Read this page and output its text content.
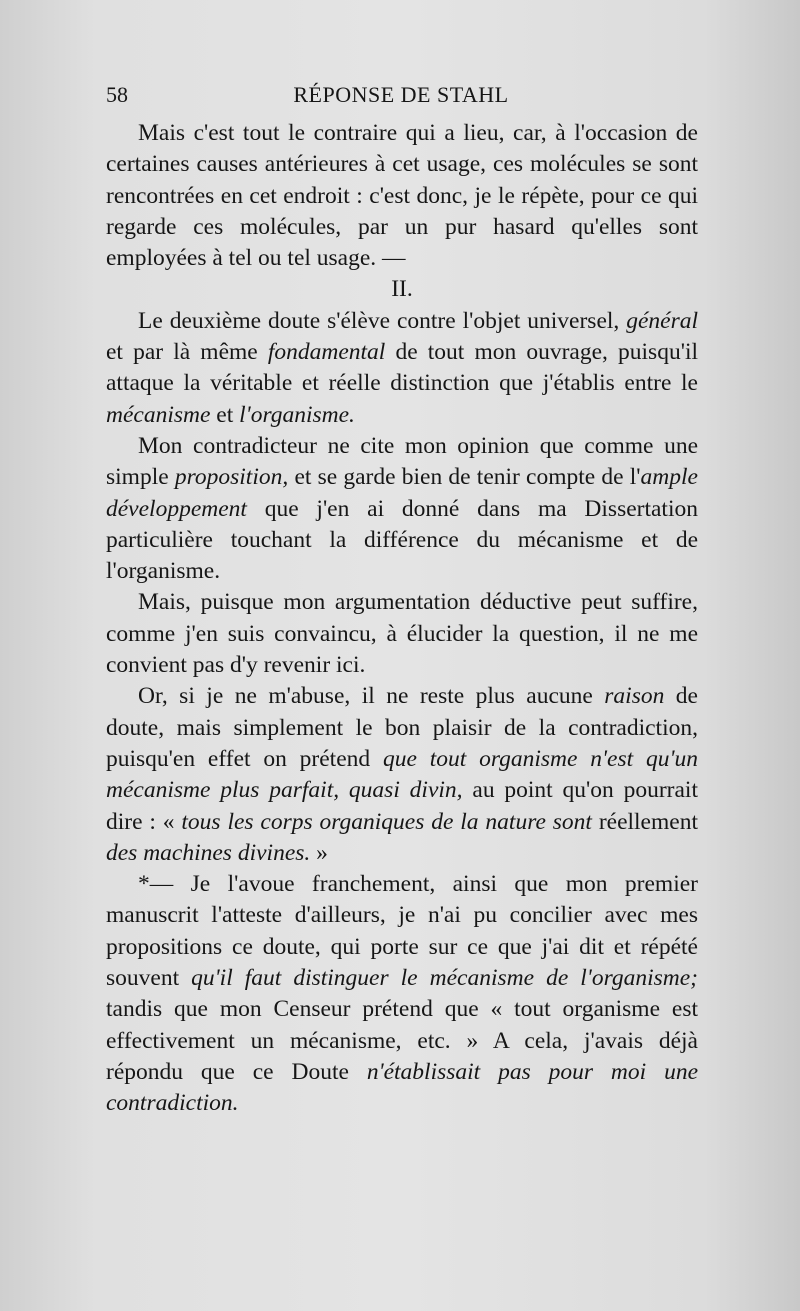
58	RÉPONSE DE STAHL

Mais c'est tout le contraire qui a lieu, car, à l'occasion de certaines causes antérieures à cet usage, ces molécules se sont rencontrées en cet endroit : c'est donc, je le répète, pour ce qui regarde ces molécules, par un pur hasard qu'elles sont employées à tel ou tel usage. —

II.

Le deuxième doute s'élève contre l'objet universel, général et par là même fondamental de tout mon ouvrage, puisqu'il attaque la véritable et réelle distinction que j'établis entre le mécanisme et l'organisme.

Mon contradicteur ne cite mon opinion que comme une simple proposition, et se garde bien de tenir compte de l'ample développement que j'en ai donné dans ma Dissertation particulière touchant la différence du mécanisme et de l'organisme.

Mais, puisque mon argumentation déductive peut suffire, comme j'en suis convaincu, à élucider la question, il ne me convient pas d'y revenir ici.

Or, si je ne m'abuse, il ne reste plus aucune raison de doute, mais simplement le bon plaisir de la contradiction, puisqu'en effet on prétend que tout organisme n'est qu'un mécanisme plus parfait, quasi divin, au point qu'on pourrait dire : « tous les corps organiques de la nature sont réellement des machines divines. »

*— Je l'avoue franchement, ainsi que mon premier manuscrit l'atteste d'ailleurs, je n'ai pu concilier avec mes propositions ce doute, qui porte sur ce que j'ai dit et répété souvent qu'il faut distinguer le mécanisme de l'organisme; tandis que mon Censeur prétend que « tout organisme est effectivement un mécanisme, etc. » A cela, j'avais déjà répondu que ce Doute n'établissait pas pour moi une contradiction.
